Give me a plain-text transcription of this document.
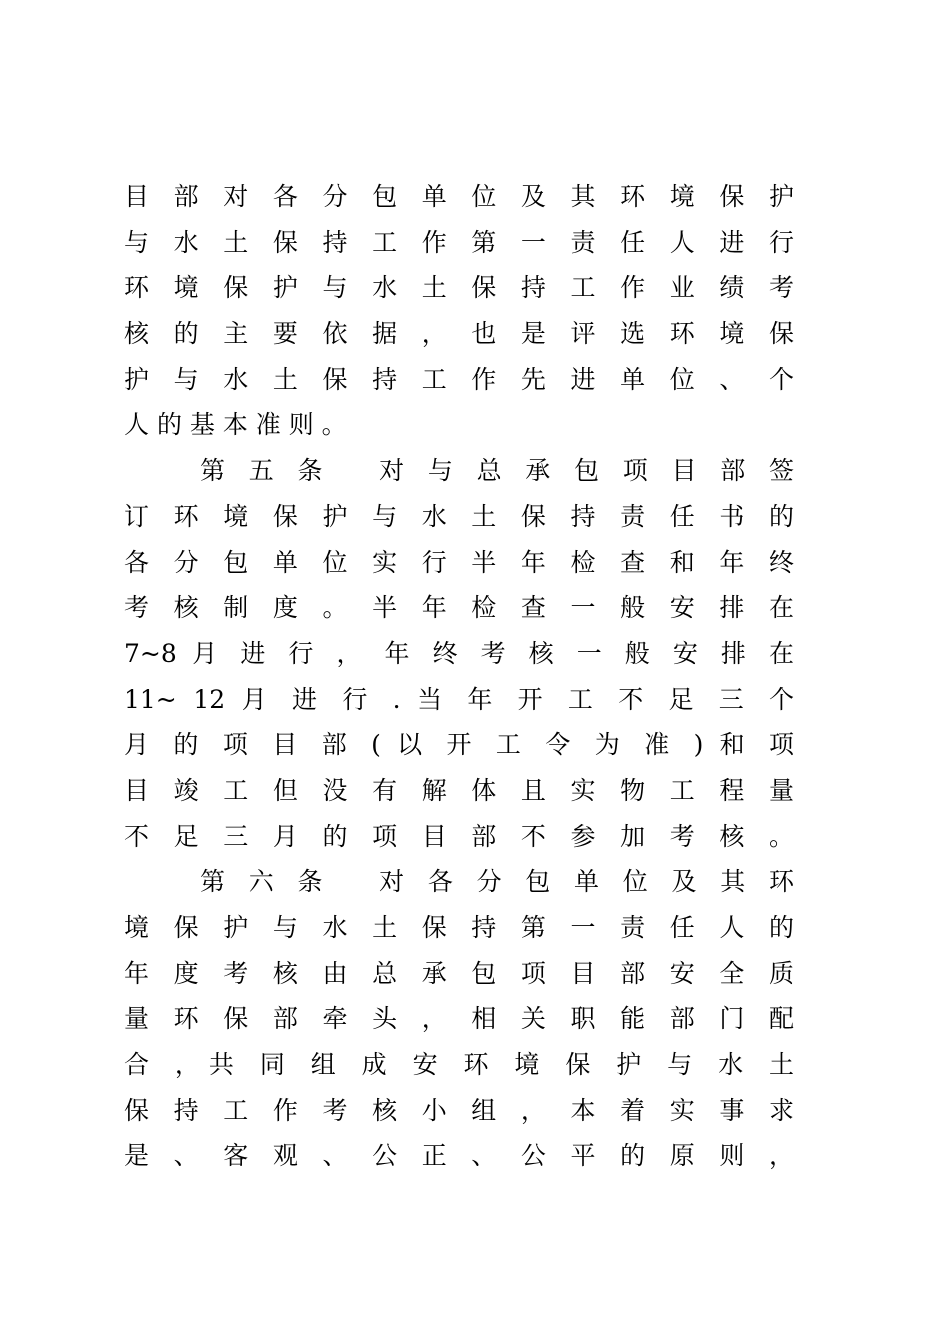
目 部 对 各 分 包 单 位 及 其 环 境 保 护
与 水 土 保 持 工 作 第 一 责 任 人 进 行
环 境 保 护 与 水 土 保 持 工 作 业 绩 考
核 的 主 要 依 据 ， 也 是 评 选 环 境 保
护 与 水 土 保 持 工 作 先 进 单 位 、 个
人 的 基 本 准 则 。
第 五 条 　对 与 总 承 包 项 目 部 签
订 环 境 保 护 与 水 土 保 持 责 任 书 的
各 分 包 单 位 实 行 半 年 检 查 和 年 终
考 核 制 度 。 半 年 检 查 一 般 安 排 在
7~8 月 进 行 ， 年 终 考 核 一 般 安 排 在
11~ 12 月 进 行 . 当 年 开 工 不 足 三 个
月 的 项 目 部 ( 以 开 工 令 为 准 ) 和 项
目 竣 工 但 没 有 解 体 且 实 物 工 程 量
不 足 三 月 的 项 目 部 不 参 加 考 核 。
第 六 条 　对 各 分 包 单 位 及 其 环
境 保 护 与 水 土 保 持 第 一 责 任 人 的
年 度 考 核 由 总 承 包 项 目 部 安 全 质
量 环 保 部 牵 头 ， 相 关 职 能 部 门 配
合 ，共 同 组 成 安 环 境 保 护 与 水 土
保 持 工 作 考 核 小 组 ， 本 着 实 事 求
是 、 客 观 、 公 正 、 公 平 的 原 则 ，
